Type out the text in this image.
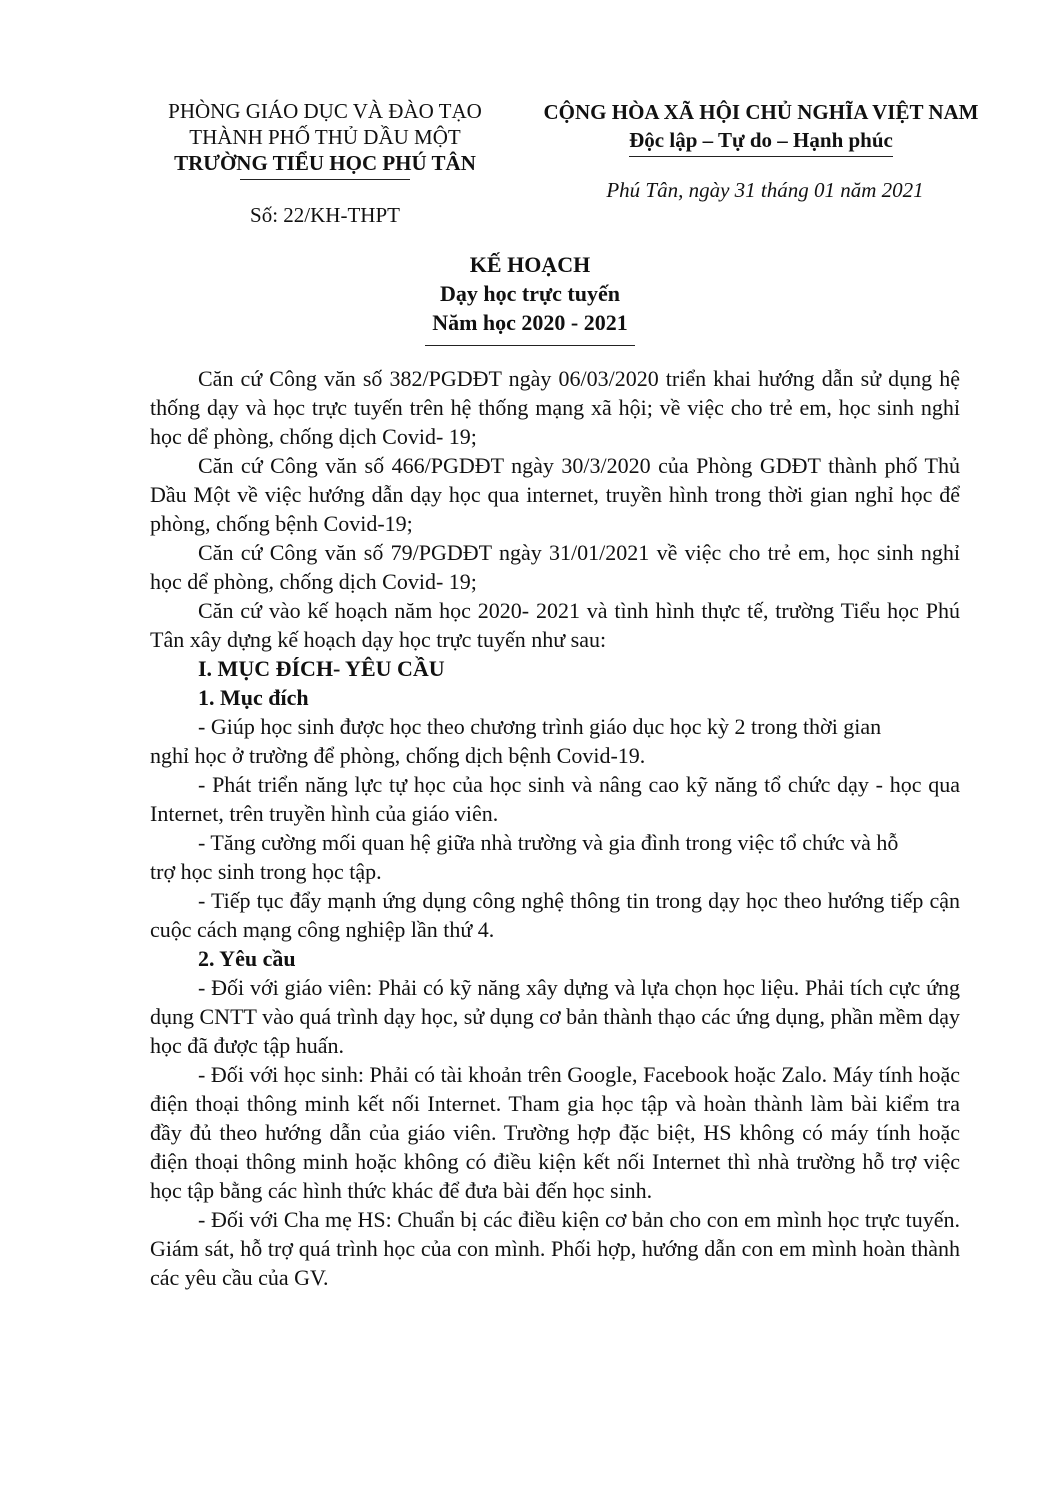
PHÒNG GIÁO DỤC VÀ ĐÀO TẠO
THÀNH PHỐ THỦ DẦU MỘT
TRƯỜNG TIỂU HỌC PHÚ TÂN
Số: 22/KH-THPT
CỘNG HÒA XÃ HỘI CHỦ NGHĨA VIỆT NAM
Độc lập – Tự do – Hạnh phúc
Phú Tân, ngày 31 tháng 01 năm 2021
KẾ HOẠCH
Dạy học trực tuyến
Năm học 2020 - 2021

Căn cứ Công văn số 382/PGDĐT ngày 06/03/2020 triển khai hướng dẫn sử dụng hệ thống dạy và học trực tuyến trên hệ thống mạng xã hội; về việc cho trẻ em, học sinh nghỉ học dể phòng, chống dịch Covid- 19;

Căn cứ Công văn số 466/PGDĐT ngày 30/3/2020 của Phòng GDĐT thành phố Thủ Dầu Một về việc hướng dẫn dạy học qua internet, truyền hình trong thời gian nghỉ học để phòng, chống bệnh Covid-19;

Căn cứ Công văn số 79/PGDĐT ngày 31/01/2021 về việc cho trẻ em, học sinh nghỉ học dể phòng, chống dịch Covid- 19;

Căn cứ vào kế hoạch năm học 2020- 2021 và tình hình thực tế, trường Tiểu học Phú Tân xây dựng kế hoạch dạy học trực tuyến như sau:

I. MỤC ĐÍCH- YÊU CẦU

1. Mục đích

- Giúp học sinh được học theo chương trình giáo dục học kỳ 2 trong thời gian

nghỉ học ở trường để phòng, chống dịch bệnh Covid-19.

- Phát triển năng lực tự học của học sinh và nâng cao kỹ năng tổ chức dạy - học qua Internet, trên truyền hình của giáo viên.

- Tăng cường mối quan hệ giữa nhà trường và gia đình trong việc tổ chức và hỗ

trợ học sinh trong học tập.

- Tiếp tục đẩy mạnh ứng dụng công nghệ thông tin trong dạy học theo hướng tiếp cận cuộc cách mạng công nghiệp lần thứ 4.

2. Yêu cầu

- Đối với giáo viên: Phải có kỹ năng xây dựng và lựa chọn học liệu. Phải tích cực ứng dụng CNTT vào quá trình dạy học, sử dụng cơ bản thành thạo các ứng dụng, phần mềm dạy học đã được tập huấn.

- Đối với học sinh: Phải có tài khoản trên Google, Facebook hoặc Zalo. Máy tính hoặc điện thoại thông minh kết nối Internet. Tham gia học tập và hoàn thành làm bài kiểm tra đầy đủ theo hướng dẫn của giáo viên. Trường hợp đặc biệt, HS không có máy tính hoặc điện thoại thông minh hoặc không có điều kiện kết nối Internet thì nhà trường hỗ trợ việc học tập bằng các hình thức khác để đưa bài đến học sinh.

- Đối với Cha mẹ HS: Chuẩn bị các điều kiện cơ bản cho con em mình học trực tuyến. Giám sát, hỗ trợ quá trình học của con mình. Phối hợp, hướng dẫn con em mình hoàn thành các yêu cầu của GV.
